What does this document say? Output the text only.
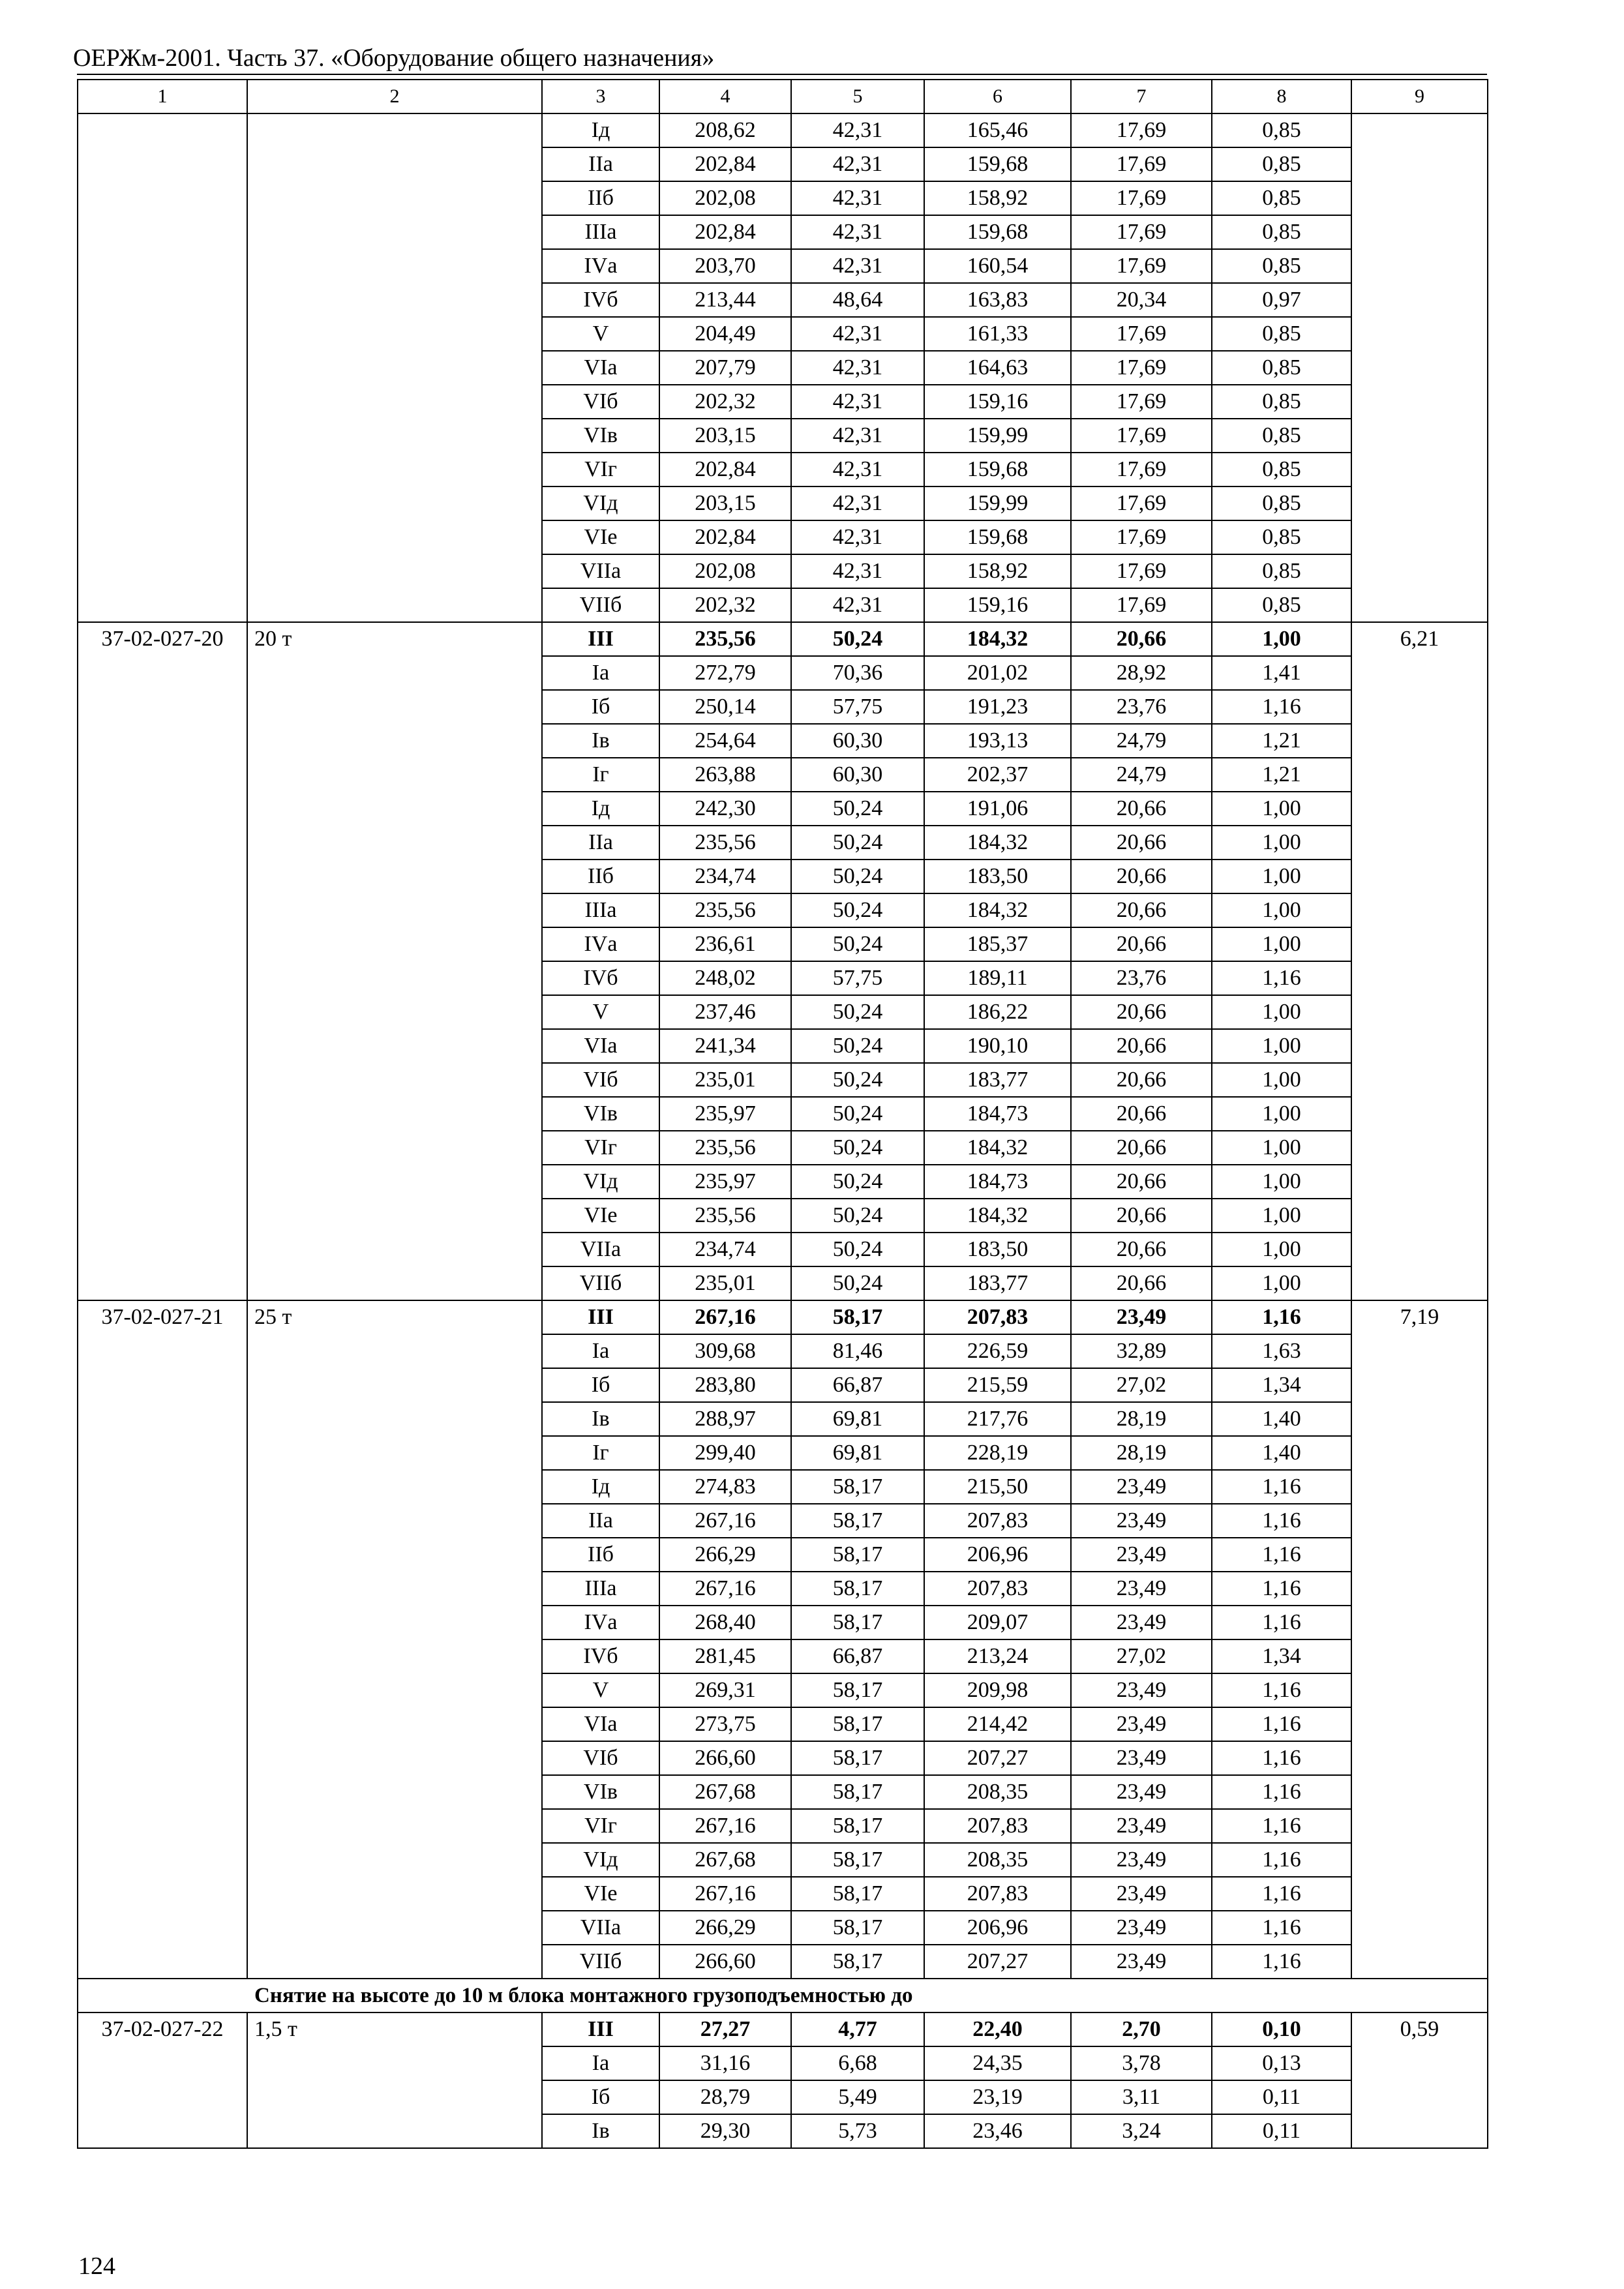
ОЕРЖм-2001. Часть 37. «Оборудование общего назначения»
1	2	3	4	5	6	7	8	9
		Iд	208,62	42,31	165,46	17,69	0,85	
		IIа	202,84	42,31	159,68	17,69	0,85	
		IIб	202,08	42,31	158,92	17,69	0,85	
		IIIа	202,84	42,31	159,68	17,69	0,85	
		IVа	203,70	42,31	160,54	17,69	0,85	
		IVб	213,44	48,64	163,83	20,34	0,97	
		V	204,49	42,31	161,33	17,69	0,85	
		VIа	207,79	42,31	164,63	17,69	0,85	
		VIб	202,32	42,31	159,16	17,69	0,85	
		VIв	203,15	42,31	159,99	17,69	0,85	
		VIг	202,84	42,31	159,68	17,69	0,85	
		VIд	203,15	42,31	159,99	17,69	0,85	
		VIе	202,84	42,31	159,68	17,69	0,85	
		VIIа	202,08	42,31	158,92	17,69	0,85	
		VIIб	202,32	42,31	159,16	17,69	0,85	
37-02-027-20	20 т	III	235,56	50,24	184,32	20,66	1,00	6,21
		Iа	272,79	70,36	201,02	28,92	1,41	
		Iб	250,14	57,75	191,23	23,76	1,16	
		Iв	254,64	60,30	193,13	24,79	1,21	
		Iг	263,88	60,30	202,37	24,79	1,21	
		Iд	242,30	50,24	191,06	20,66	1,00	
		IIа	235,56	50,24	184,32	20,66	1,00	
		IIб	234,74	50,24	183,50	20,66	1,00	
		IIIа	235,56	50,24	184,32	20,66	1,00	
		IVа	236,61	50,24	185,37	20,66	1,00	
		IVб	248,02	57,75	189,11	23,76	1,16	
		V	237,46	50,24	186,22	20,66	1,00	
		VIа	241,34	50,24	190,10	20,66	1,00	
		VIб	235,01	50,24	183,77	20,66	1,00	
		VIв	235,97	50,24	184,73	20,66	1,00	
		VIг	235,56	50,24	184,32	20,66	1,00	
		VIд	235,97	50,24	184,73	20,66	1,00	
		VIе	235,56	50,24	184,32	20,66	1,00	
		VIIа	234,74	50,24	183,50	20,66	1,00	
		VIIб	235,01	50,24	183,77	20,66	1,00	
37-02-027-21	25 т	III	267,16	58,17	207,83	23,49	1,16	7,19
		Iа	309,68	81,46	226,59	32,89	1,63	
		Iб	283,80	66,87	215,59	27,02	1,34	
		Iв	288,97	69,81	217,76	28,19	1,40	
		Iг	299,40	69,81	228,19	28,19	1,40	
		Iд	274,83	58,17	215,50	23,49	1,16	
		IIа	267,16	58,17	207,83	23,49	1,16	
		IIб	266,29	58,17	206,96	23,49	1,16	
		IIIа	267,16	58,17	207,83	23,49	1,16	
		IVа	268,40	58,17	209,07	23,49	1,16	
		IVб	281,45	66,87	213,24	27,02	1,34	
		V	269,31	58,17	209,98	23,49	1,16	
		VIа	273,75	58,17	214,42	23,49	1,16	
		VIб	266,60	58,17	207,27	23,49	1,16	
		VIв	267,68	58,17	208,35	23,49	1,16	
		VIг	267,16	58,17	207,83	23,49	1,16	
		VIд	267,68	58,17	208,35	23,49	1,16	
		VIе	267,16	58,17	207,83	23,49	1,16	
		VIIа	266,29	58,17	206,96	23,49	1,16	
		VIIб	266,60	58,17	207,27	23,49	1,16	
Снятие на высоте до 10 м блока монтажного грузоподъемностью до								
37-02-027-22	1,5 т	III	27,27	4,77	22,40	2,70	0,10	0,59
		Iа	31,16	6,68	24,35	3,78	0,13	
		Iб	28,79	5,49	23,19	3,11	0,11	
		Iв	29,30	5,73	23,46	3,24	0,11	
124
